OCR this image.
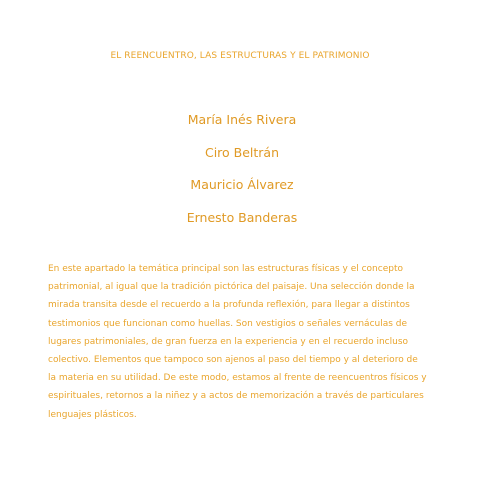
EL REENCUENTRO, LAS ESTRUCTURAS Y EL PATRIMONIO
María Inés Rivera
Ciro Beltrán
Mauricio Álvarez
Ernesto Banderas

En este apartado la temática principal son las estructuras físicas y el concepto
patrimonial, al igual que la tradición pictórica del paisaje. Una selección donde la
mirada transita desde el recuerdo a la profunda reflexión, para llegar a distintos
testimonios que funcionan como huellas. Son vestigios o señales vernáculas de
lugares patrimoniales, de gran fuerza en la experiencia y en el recuerdo incluso
colectivo. Elementos que tampoco son ajenos al paso del tiempo y al deterioro de
la materia en su utilidad. De este modo, estamos al frente de reencuentros físicos y
espirituales, retornos a la niñez y a actos de memorización a través de particulares
lenguajes plásticos.
